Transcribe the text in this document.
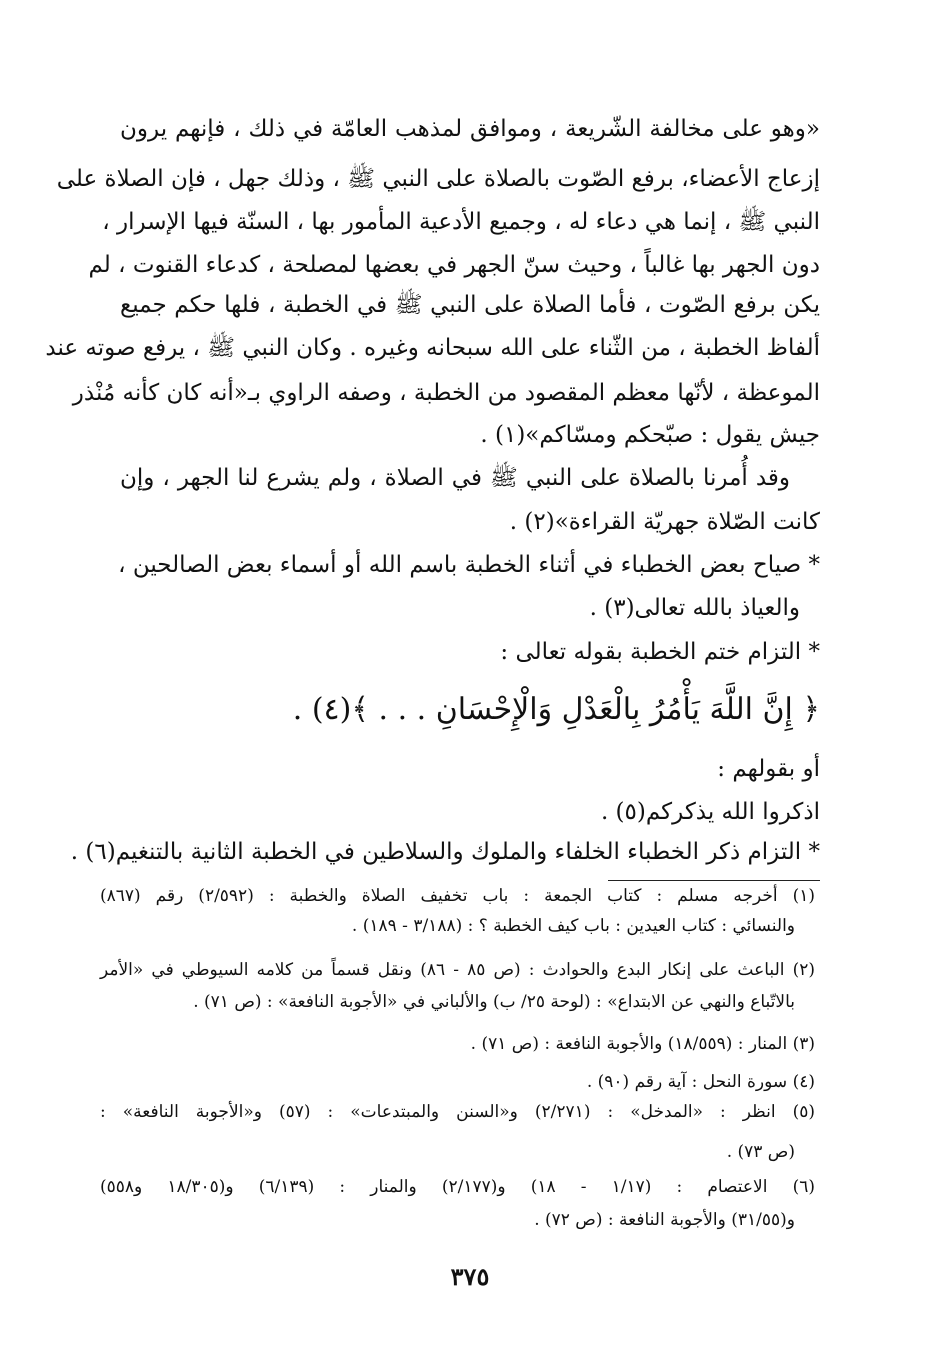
«وهو على مخالفة الشّريعة ، وموافق لمذهب العامّة في ذلك ، فإنهم يرون
إزعاج الأعضاء، برفع الصّوت بالصلاة على النبي ﷺ ، وذلك جهل ، فإن الصلاة على
النبي ﷺ ، إنما هي دعاء له ، وجميع الأدعية المأمور بها ، السنّة فيها الإسرار ،
دون الجهر بها غالباً ، وحيث سنّ الجهر في بعضها لمصلحة ، كدعاء القنوت ، لم
يكن برفع الصّوت ، فأما الصلاة على النبي ﷺ في الخطبة ، فلها حكم جميع
ألفاظ الخطبة ، من الثّناء على الله سبحانه وغيره . وكان النبي ﷺ ، يرفع صوته عند
الموعظة ، لأنّها معظم المقصود من الخطبة ، وصفه الراوي بـ«أنه كان كأنه مُنْذر
جيش يقول : صبّحكم ومسّاكم»(١) .
وقد أُمرنا بالصلاة على النبي ﷺ في الصلاة ، ولم يشرع لنا الجهر ، وإن
كانت الصّلاة جهريّة القراءة»(٢) .
* صياح بعض الخطباء في أثناء الخطبة باسم الله أو أسماء بعض الصالحين ،
والعياذ بالله تعالى(٣) .
* التزام ختم الخطبة بقوله تعالى :
﴿ إِنَّ اللَّهَ يَأْمُرُ بِالْعَدْلِ وَالْإِحْسَانِ . . . ﴾(٤) .
أو بقولهم :
اذكروا الله يذكركم(٥) .
* التزام ذكر الخطباء الخلفاء والملوك والسلاطين في الخطبة الثانية بالتنغيم(٦) .
(١) أخرجه مسلم : كتاب الجمعة : باب تخفيف الصلاة والخطبة : (٢/٥٩٢) رقم (٨٦٧)
والنسائي : كتاب العيدين : باب كيف الخطبة ؟ : (٣/١٨٨ - ١٨٩) .
(٢) الباعث على إنكار البدع والحوادث : (ص ٨٥ - ٨٦) ونقل قسماً من كلامه السيوطي في «الأمر
بالاتّباع والنهي عن الابتداع» : (لوحة ٢٥/ ب) والألباني في «الأجوبة النافعة» : (ص ٧١) .
(٣) المنار : (١٨/٥٥٩) والأجوبة النافعة : (ص ٧١) .
(٤) سورة النحل : آية رقم (٩٠) .
(٥) انظر : «المدخل» : (٢/٢٧١) و«السنن والمبتدعات» : (٥٧) و«الأجوبة النافعة» :
(ص ٧٣) .
(٦) الاعتصام : (١/١٧ - ١٨) و(٢/١٧٧) والمنار : (٦/١٣٩) و(١٨/٣٠٥ و٥٥٨)
و(٣١/٥٥) والأجوبة النافعة : (ص ٧٢) .
٣٧٥
